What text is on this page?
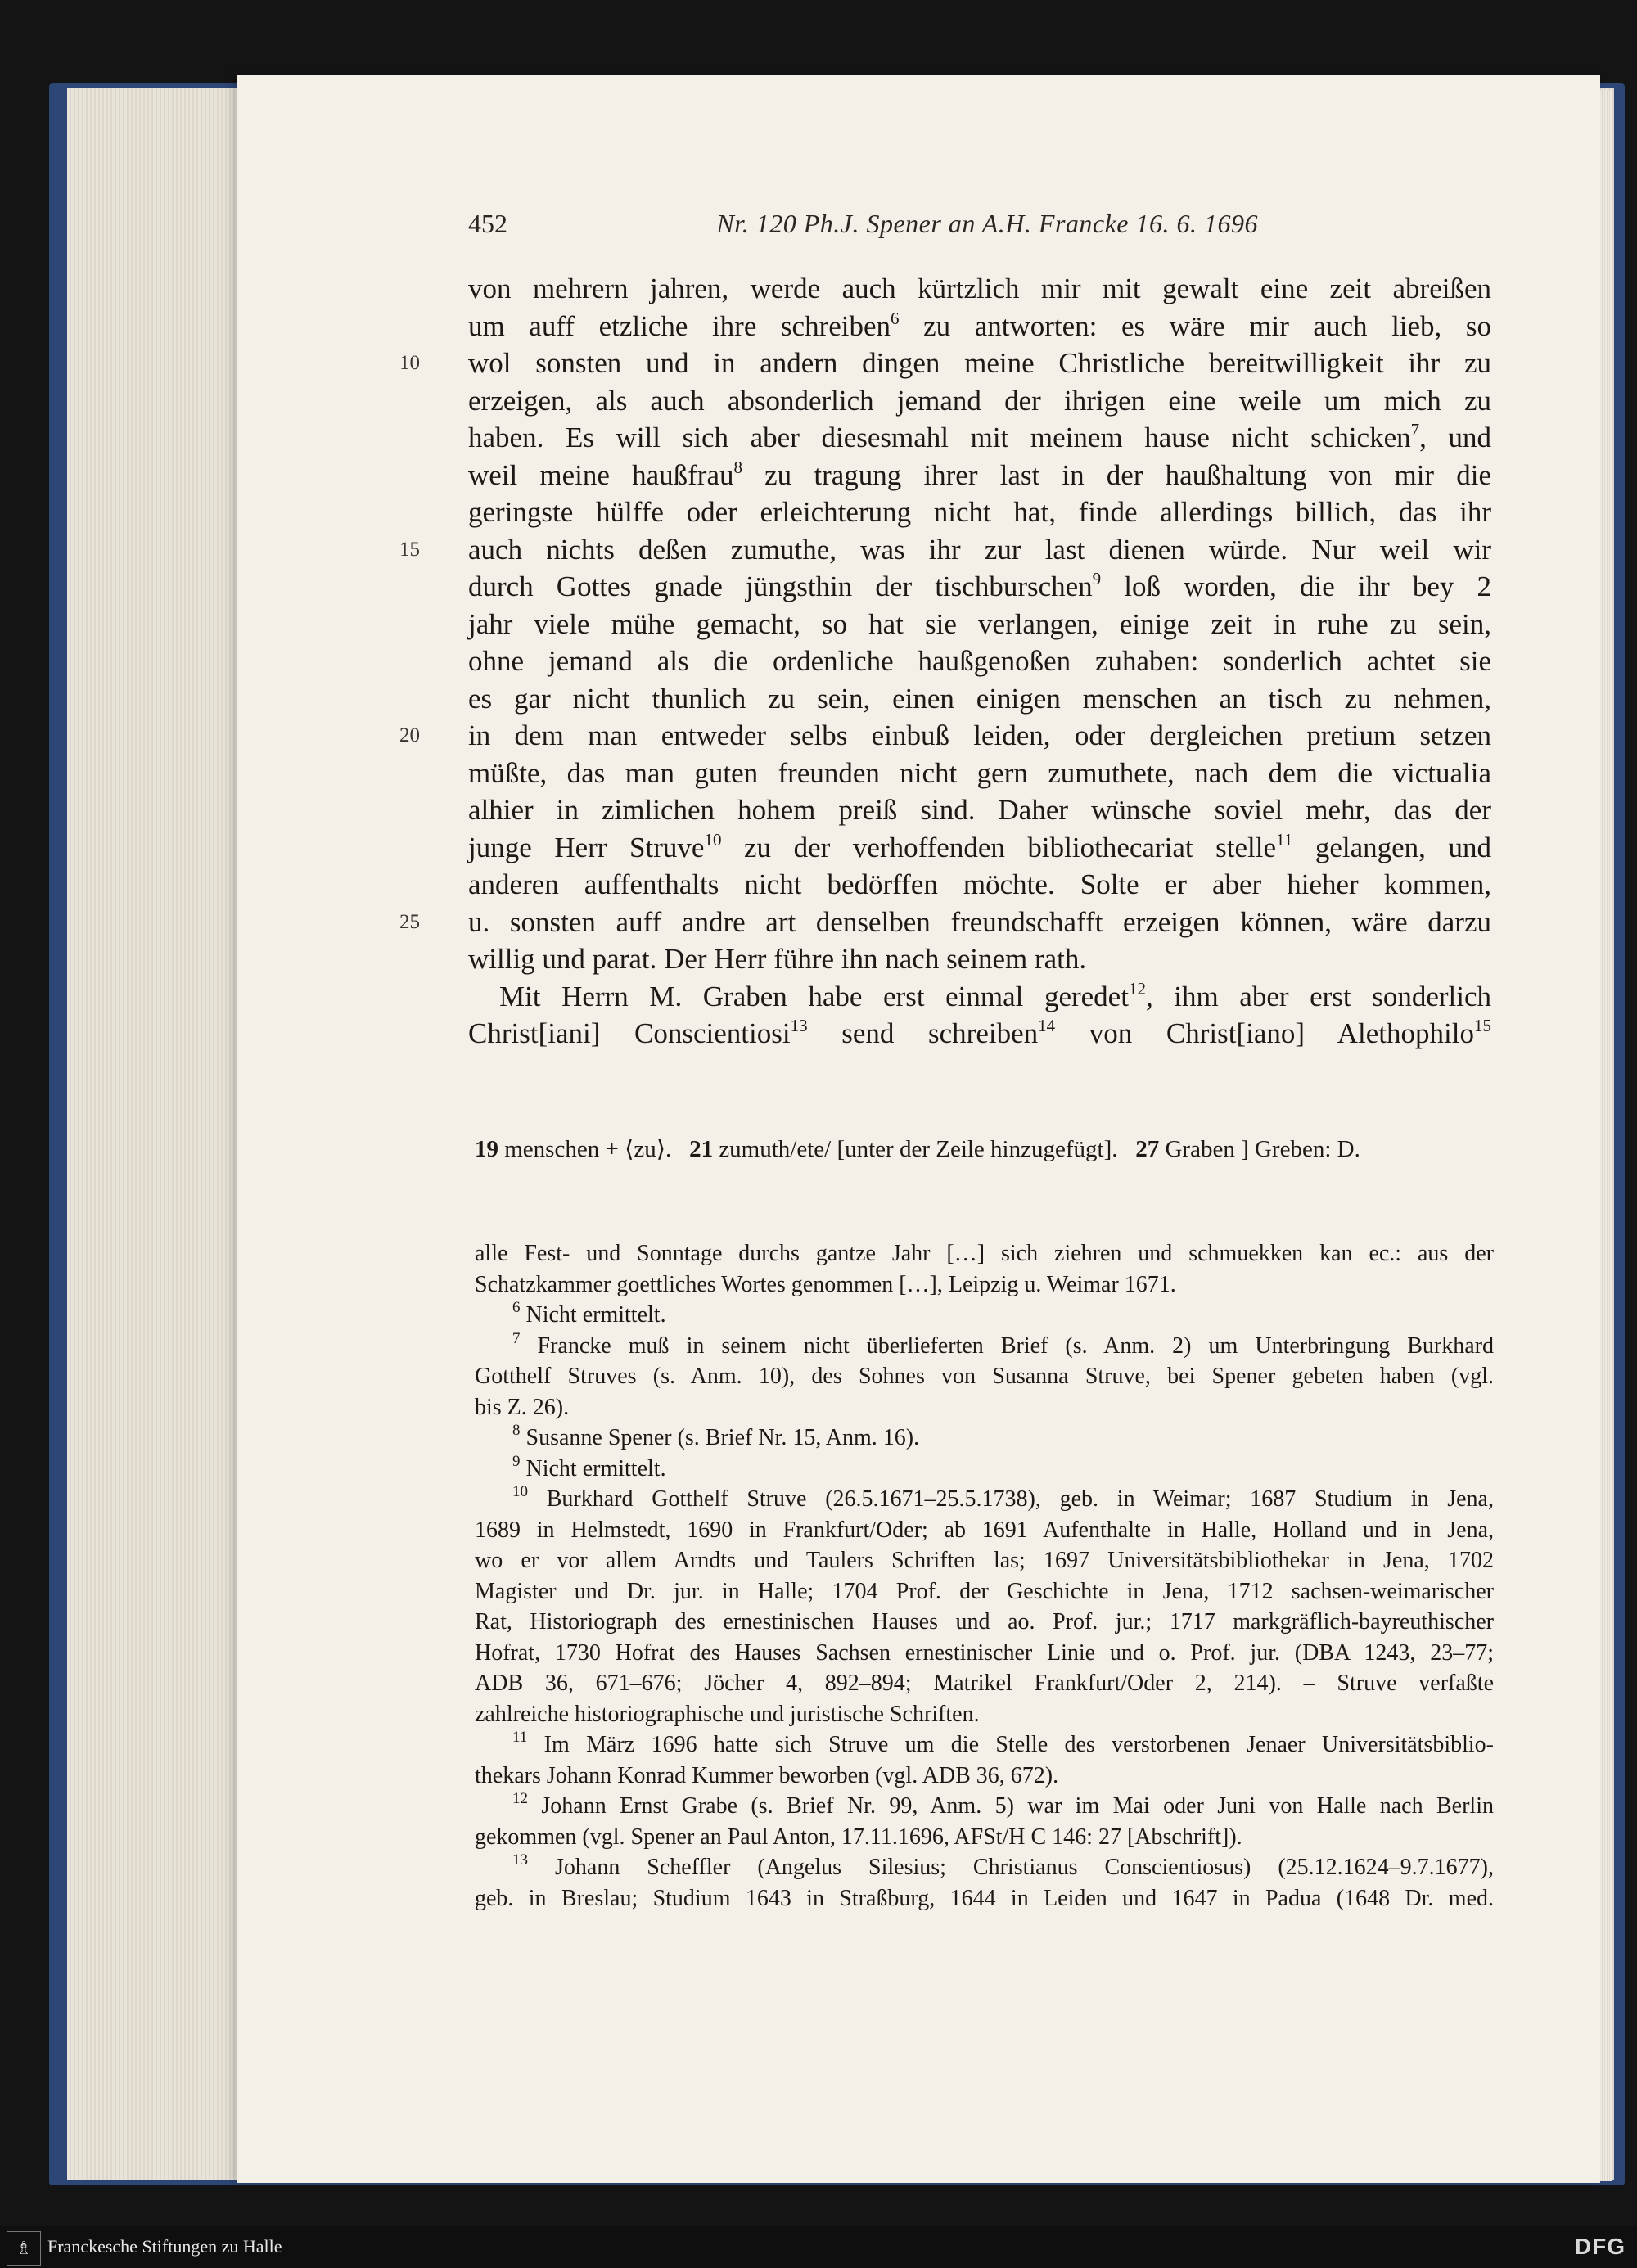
452	Nr. 120 Ph.J. Spener an A.H. Francke 16. 6. 1696
von mehrern jahren, werde auch kürtzlich mir mit gewalt eine zeit abreißen
um auff etzliche ihre schreiben$^6$ zu antworten: es wäre mir auch lieb, so
10	wol sonsten und in andern dingen meine Christliche bereitwilligkeit ihr zu
erzeigen, als auch absonderlich jemand der ihrigen eine weile um mich zu
haben. Es will sich aber diesesmahl mit meinem hause nicht schicken$^7$, und
weil meine haußfrau$^8$ zu tragung ihrer last in der haußhaltung von mir die
geringste hülffe oder erleichterung nicht hat, finde allerdings billich, das ihr
15	auch nichts deßen zumuthe, was ihr zur last dienen würde. Nur weil wir
durch Gottes gnade jüngsthin der tischburschen$^9$ loß worden, die ihr bey 2
jahr viele mühe gemacht, so hat sie verlangen, einige zeit in ruhe zu sein,
ohne jemand als die ordenliche haußgenoßen zuhaben: sonderlich achtet sie
es gar nicht thunlich zu sein, einen einigen menschen an tisch zu nehmen,
20	in dem man entweder selbs einbuß leiden, oder dergleichen pretium setzen
müßte, das man guten freunden nicht gern zumuthete, nach dem die victualia
alhier in zimlichen hohem preiß sind. Daher wünsche soviel mehr, das der
junge Herr Struve$^{10}$ zu der verhoffenden bibliothecariat stelle$^{11}$ gelangen, und
anderen auffenthalts nicht bedörffen möchte. Solte er aber hieher kommen,
25	u. sonsten auff andre art denselben freundschafft erzeigen können, wäre darzu
willig und parat. Der Herr führe ihn nach seinem rath.
Mit Herrn M. Graben habe erst einmal geredet$^{12}$, ihm aber erst sonderlich
Christ[iani] Conscientiosi$^{13}$ send schreiben$^{14}$ von Christ[iano] Alethophilo$^{15}$
19 menschen + ⟨zu⟩.   21 zumuth/ete/ [unter der Zeile hinzugefügt].   27 Graben ] Greben: D.
alle Fest- und Sonntage durchs gantze Jahr […] sich ziehren und schmuekken kan ec.: aus der
Schatzkammer goettliches Wortes genommen […], Leipzig u. Weimar 1671.
$^6$ Nicht ermittelt.
$^7$ Francke muß in seinem nicht überlieferten Brief (s. Anm. 2) um Unterbringung Burkhard
Gotthelf Struves (s. Anm. 10), des Sohnes von Susanna Struve, bei Spener gebeten haben (vgl.
bis Z. 26).
$^8$ Susanne Spener (s. Brief Nr. 15, Anm. 16).
$^9$ Nicht ermittelt.
$^{10}$ Burkhard Gotthelf Struve (26.5.1671–25.5.1738), geb. in Weimar; 1687 Studium in Jena,
1689 in Helmstedt, 1690 in Frankfurt/Oder; ab 1691 Aufenthalte in Halle, Holland und in Jena,
wo er vor allem Arndts und Taulers Schriften las; 1697 Universitätsbibliothekar in Jena, 1702
Magister und Dr. jur. in Halle; 1704 Prof. der Geschichte in Jena, 1712 sachsen-weimarischer
Rat, Historiograph des ernestinischen Hauses und ao. Prof. jur.; 1717 markgräflich-bayreuthischer
Hofrat, 1730 Hofrat des Hauses Sachsen ernestinischer Linie und o. Prof. jur. (DBA 1243, 23–77;
ADB 36, 671–676; Jöcher 4, 892–894; Matrikel Frankfurt/Oder 2, 214). – Struve verfaßte
zahlreiche historiographische und juristische Schriften.
$^{11}$ Im März 1696 hatte sich Struve um die Stelle des verstorbenen Jenaer Universitätsbiblio-
thekars Johann Konrad Kummer beworben (vgl. ADB 36, 672).
$^{12}$ Johann Ernst Grabe (s. Brief Nr. 99, Anm. 5) war im Mai oder Juni von Halle nach Berlin
gekommen (vgl. Spener an Paul Anton, 17.11.1696, AFSt/H C 146: 27 [Abschrift]).
$^{13}$ Johann Scheffler (Angelus Silesius; Christianus Conscientiosus) (25.12.1624–9.7.1677),
geb. in Breslau; Studium 1643 in Straßburg, 1644 in Leiden und 1647 in Padua (1648 Dr. med.
♗ Franckesche Stiftungen zu Halle	DFG
